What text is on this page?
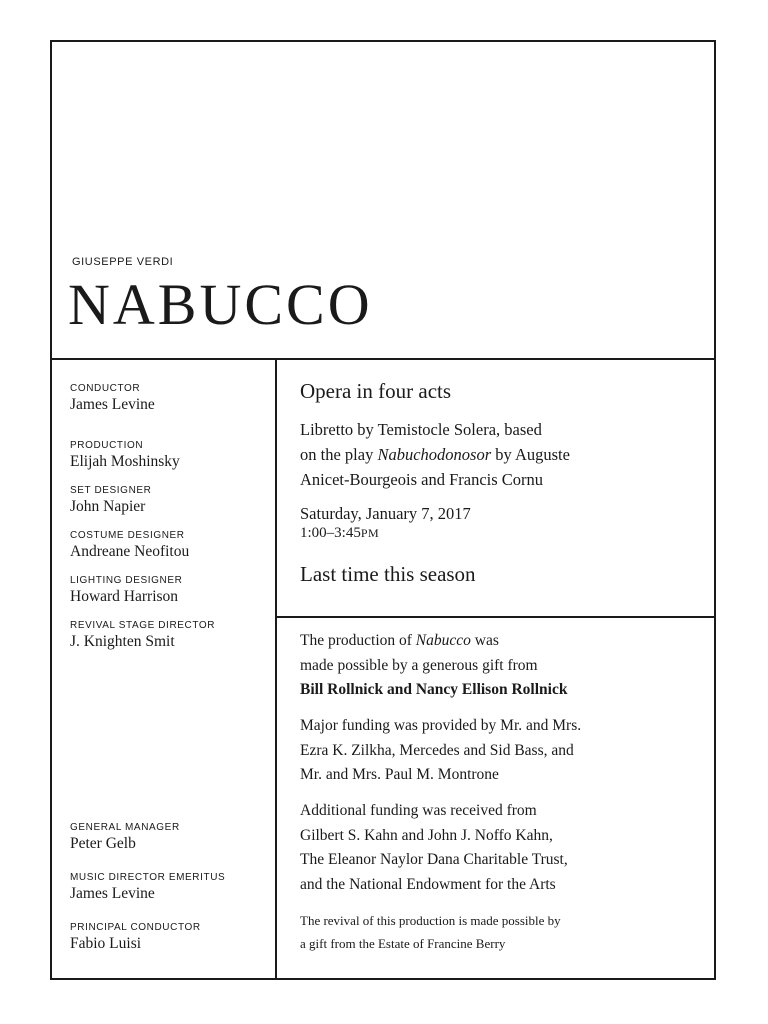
GIUSEPPE VERDI
NABUCCO
CONDUCTOR
James Levine
PRODUCTION
Elijah Moshinsky
SET DESIGNER
John Napier
COSTUME DESIGNER
Andreane Neofitou
LIGHTING DESIGNER
Howard Harrison
REVIVAL STAGE DIRECTOR
J. Knighten Smit
GENERAL MANAGER
Peter Gelb
MUSIC DIRECTOR EMERITUS
James Levine
PRINCIPAL CONDUCTOR
Fabio Luisi
Opera in four acts
Libretto by Temistocle Solera, based
on the play Nabuchodonosor by Auguste
Anicet-Bourgeois and Francis Cornu
Saturday, January 7, 2017
1:00–3:45PM
Last time this season
The production of Nabucco was
made possible by a generous gift from
Bill Rollnick and Nancy Ellison Rollnick
Major funding was provided by Mr. and Mrs.
Ezra K. Zilkha, Mercedes and Sid Bass, and
Mr. and Mrs. Paul M. Montrone
Additional funding was received from
Gilbert S. Kahn and John J. Noffo Kahn,
The Eleanor Naylor Dana Charitable Trust,
and the National Endowment for the Arts
The revival of this production is made possible by
a gift from the Estate of Francine Berry
